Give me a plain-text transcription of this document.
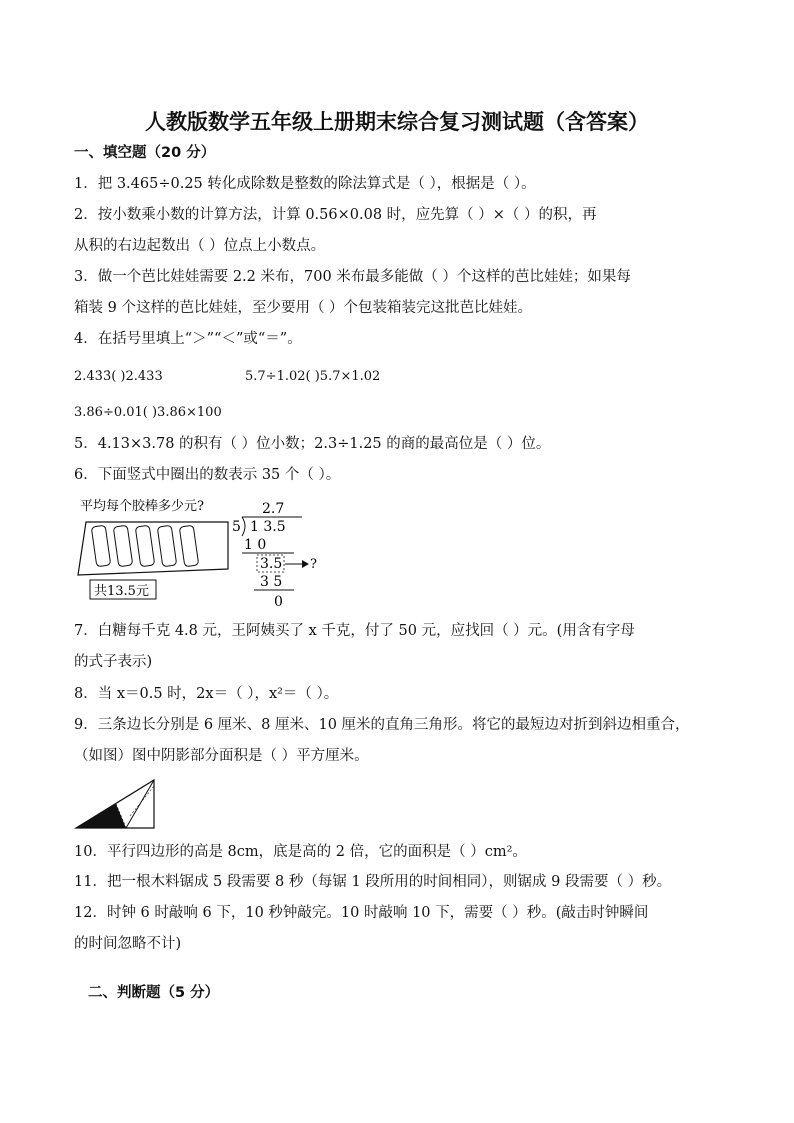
人教版数学五年级上册期末综合复习测试题（含答案）
一、填空题（20 分）
1．把 3.465÷0.25 转化成除数是整数的除法算式是（ ），根据是（ ）。
2．按小数乘小数的计算方法，计算 0.56×0.08 时，应先算（ ）×（ ）的积，再
从积的右边起数出（ ）位点上小数点。
3．做一个芭比娃娃需要 2.2 米布，700 米布最多能做（ ）个这样的芭比娃娃；如果每
箱装 9 个这样的芭比娃娃，至少要用（ ）个包装箱装完这批芭比娃娃。
4．在括号里填上“＞”“＜”或“＝”。
2.43̇3̇( )2.433	5.7÷1.02( )5.7×1.02
3.86÷0.01( )3.86×100
5．4.13×3.78 的积有（ ）位小数；2.3÷1.25 的商的最高位是（ ）位。
6．下面竖式中圈出的数表示 35 个（ ）。
平均每个胶棒多少元?
共13.5元
2.7
5 1 3.5
1 0
3.5 ?
3 5
0
7．白糖每千克 4.8 元，王阿姨买了 x 千克，付了 50 元，应找回（ ）元。(用含有字母
的式子表示)
8．当 x＝0.5 时，2x＝（ ），x²＝（ ）。
9．三条边长分别是 6 厘米、8 厘米、10 厘米的直角三角形。将它的最短边对折到斜边相重合，
（如图）图中阴影部分面积是（ ）平方厘米。
10．平行四边形的高是 8cm，底是高的 2 倍，它的面积是（ ）cm²。
11．把一根木料锯成 5 段需要 8 秒（每锯 1 段所用的时间相同），则锯成 9 段需要（ ）秒。
12．时钟 6 时敲响 6 下，10 秒钟敲完。10 时敲响 10 下，需要（ ）秒。(敲击时钟瞬间
的时间忽略不计)
二、判断题（5 分）
